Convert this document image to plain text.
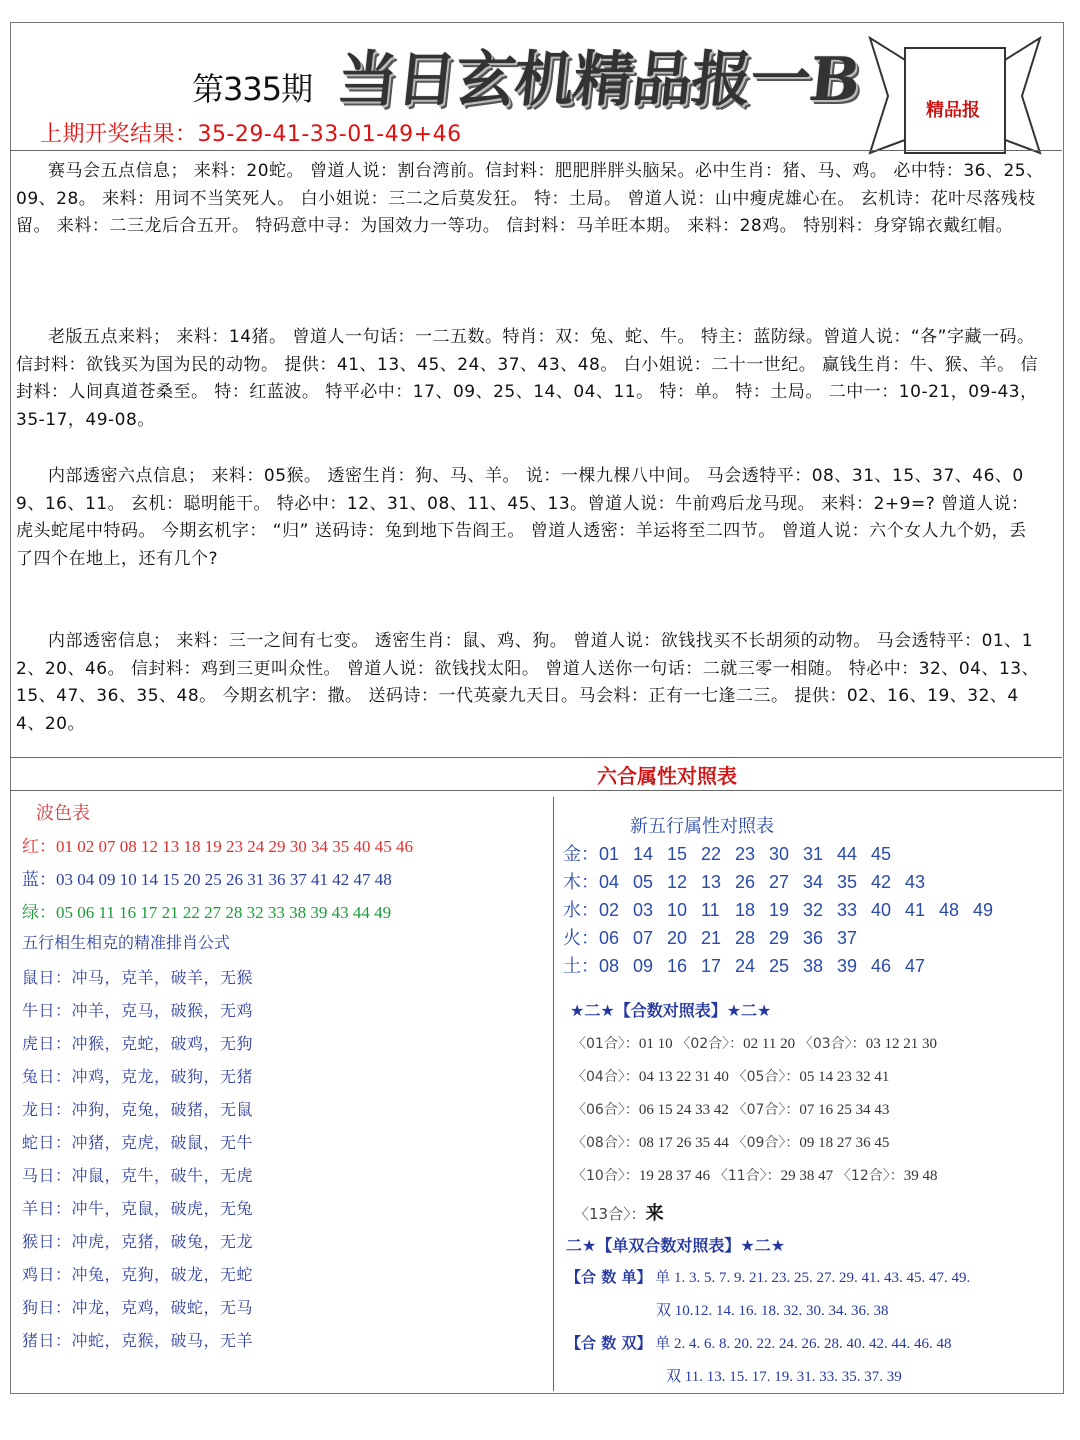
第335期 当日玄机精品报一B	精品报
上期开奖结果：35-29-41-33-01-49+46
赛马会五点信息； 来料：20蛇。 曾道人说：割台湾前。信封料：肥肥胖胖头脑呆。必中生肖：猪、马、鸡。 必中特：36、25、09、28。 来料：用词不当笑死人。 白小姐说：三二之后莫发狂。 特：土局。 曾道人说：山中瘦虎雄心在。 玄机诗：花叶尽落残枝留。 来料：二三龙后合五开。 特码意中寻：为国效力一等功。 信封料：马羊旺本期。 来料：28鸡。 特别料：身穿锦衣戴红帽。
老版五点来料； 来料：14猪。 曾道人一句话：一二五数。特肖：双：兔、蛇、牛。 特主：蓝防绿。曾道人说：“各”字藏一码。信封料：欲钱买为国为民的动物。 提供：41、13、45、24、37、43、48。 白小姐说：二十一世纪。 赢钱生肖：牛、猴、羊。 信封料：人间真道苍桑至。 特：红蓝波。 特平必中：17、09、25、14、04、11。 特：单。 特：土局。 二中一：10-21，09-43，35-17，49-08。
内部透密六点信息； 来料：05猴。 透密生肖：狗、马、羊。 说：一棵九棵八中间。 马会透特平：08、31、15、37、46、09、16、11。 玄机：聪明能干。 特必中：12、31、08、11、45、13。曾道人说：牛前鸡后龙马现。 来料：2+9=? 曾道人说：虎头蛇尾中特码。 今期玄机字： “归” 送码诗：兔到地下告阎王。 曾道人透密：羊运将至二四节。 曾道人说：六个女人九个奶，丢了四个在地上，还有几个?
内部透密信息； 来料：三一之间有七变。 透密生肖：鼠、鸡、狗。 曾道人说：欲钱找买不长胡须的动物。 马会透特平：01、12、20、46。 信封料：鸡到三更叫众性。 曾道人说：欲钱找太阳。 曾道人送你一句话：二就三零一相随。 特必中：32、04、13、15、47、36、35、48。 今期玄机字：撒。 送码诗：一代英豪九天日。马会料：正有一七逢二三。 提供：02、16、19、32、44、20。
六合属性对照表
波色表
红：01 02 07 08 12 13 18 19 23 24 29 30 34 35 40 45 46
蓝：03 04 09 10 14 15 20 25 26 31 36 37 41 42 47 48
绿：05 06 11 16 17 21 22 27 28 32 33 38 39 43 44 49
五行相生相克的精准排肖公式
鼠日：冲马，克羊，破羊，无猴
牛日：冲羊，克马，破猴，无鸡
虎日：冲猴，克蛇，破鸡，无狗
兔日：冲鸡，克龙，破狗，无猪
龙日：冲狗，克兔，破猪，无鼠
蛇日：冲猪，克虎，破鼠，无牛
马日：冲鼠，克牛，破牛，无虎
羊日：冲牛，克鼠，破虎，无兔
猴日：冲虎，克猪，破兔，无龙
鸡日：冲兔，克狗，破龙，无蛇
狗日：冲龙，克鸡，破蛇，无马
猪日：冲蛇，克猴，破马，无羊
新五行属性对照表
金：01 14 15 22 23 30 31 44 45
木：04 05 12 13 26 27 34 35 42 43
水：02 03 10 11 18 19 32 33 40 41 48 49
火：06 07 20 21 28 29 36 37
土：08 09 16 17 24 25 38 39 46 47
★二★【合数对照表】★二★
〈01合〉：01 10 〈02合〉：02 11 20 〈03合〉：03 12 21 30
〈04合〉：04 13 22 31 40 〈05合〉：05 14 23 32 41
〈06合〉：06 15 24 33 42 〈07合〉：07 16 25 34 43
〈08合〉：08 17 26 35 44 〈09合〉：09 18 27 36 45
〈10合〉：19 28 37 46 〈11合〉：29 38 47 〈12合〉：39 48
〈13合〉：来
二★【单双合数对照表】★二★
【合 数 单】 单 1. 3. 5. 7. 9. 21. 23. 25. 27. 29. 41. 43. 45. 47. 49.
双 10.12. 14. 16. 18. 32. 30. 34. 36. 38
【合 数 双】 单 2. 4. 6. 8. 20. 22. 24. 26. 28. 40. 42. 44. 46. 48
双 11. 13. 15. 17. 19. 31. 33. 35. 37. 39
